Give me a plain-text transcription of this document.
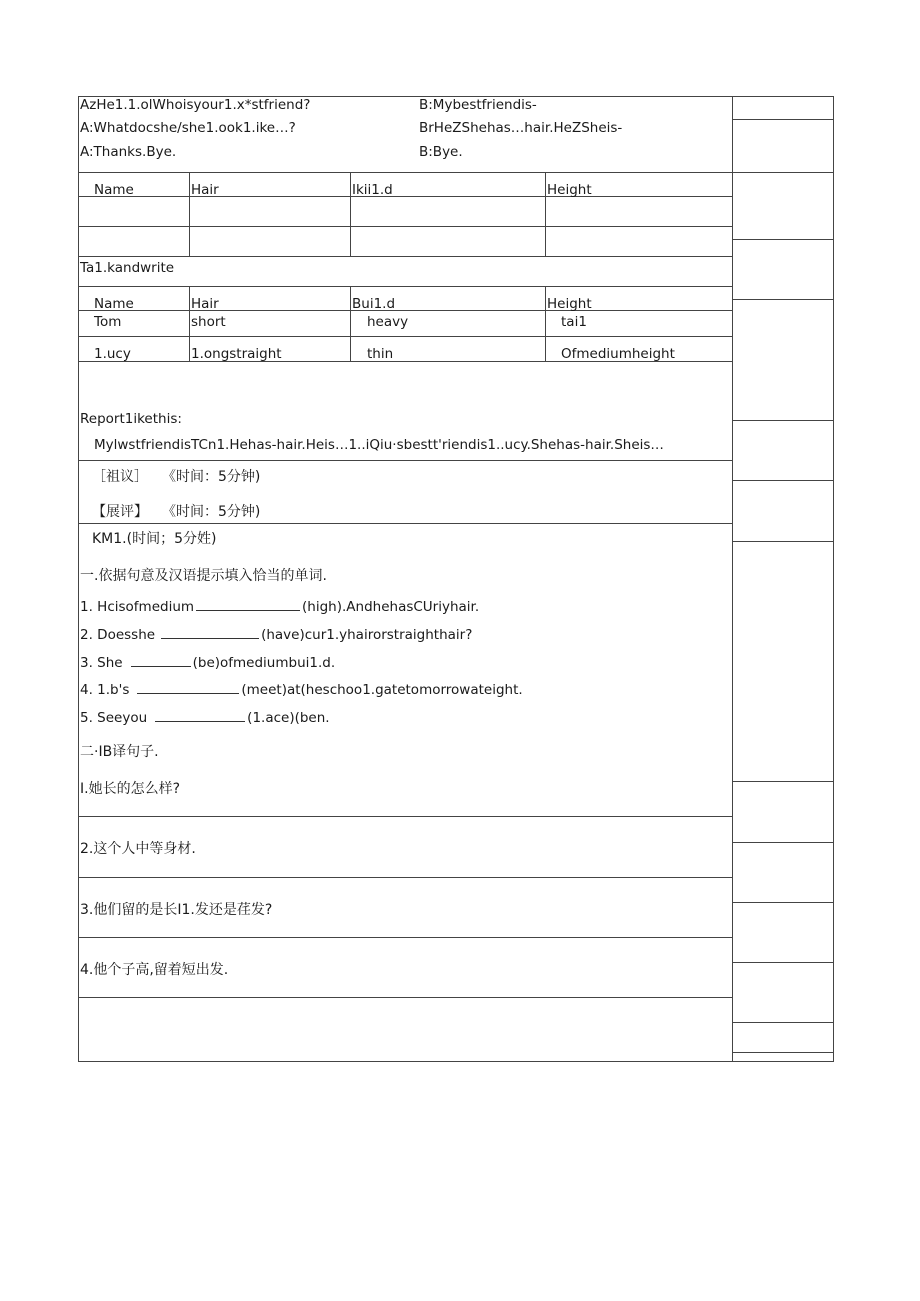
AzHe1.1.olWhoisyour1.x*stfriend?	B:Mybestfriendis-
A:Whatdocshe/she1.ook1.ike…?	BrHeZShehas…hair.HeZSheis-
A:Thanks.Bye.	B:Bye.
Name	Hair	Ikii1.d	Height
Ta1.kandwrite
Name	Hair	Bui1.d	Height
Tom	short	heavy	tai1
1.ucy	1.ongstraight	thin	Ofmediumheight
Report1ikethis:
MylwstfriendisTCn1.Hehas-hair.Heis…1..iQiu·sbestt'riendis1..ucy.Shehas-hair.Sheis…
［祖议］　　《时间：5分钟)
【展评】　　《时间：5分钟)
KM1.(时间；5分姓)
一.依据句意及汉语提示填入恰当的单词.
1. Hcisofmedium	(high).AndhehasCUriyhair.
2. Doesshe	(have)cur1.yhairorstraighthair?
3. She	(be)ofmediumbui1.d.
4. 1.b's	(meet)at(heschoo1.gatetomorrowateight.
5. Seeyou	(1.ace)(ben.
二·IB译句子.
I.她长的怎么样?
2.这个人中等身材.
3.他们留的是长I1.发还是荏发?
4.他个子高,留着短出发.
